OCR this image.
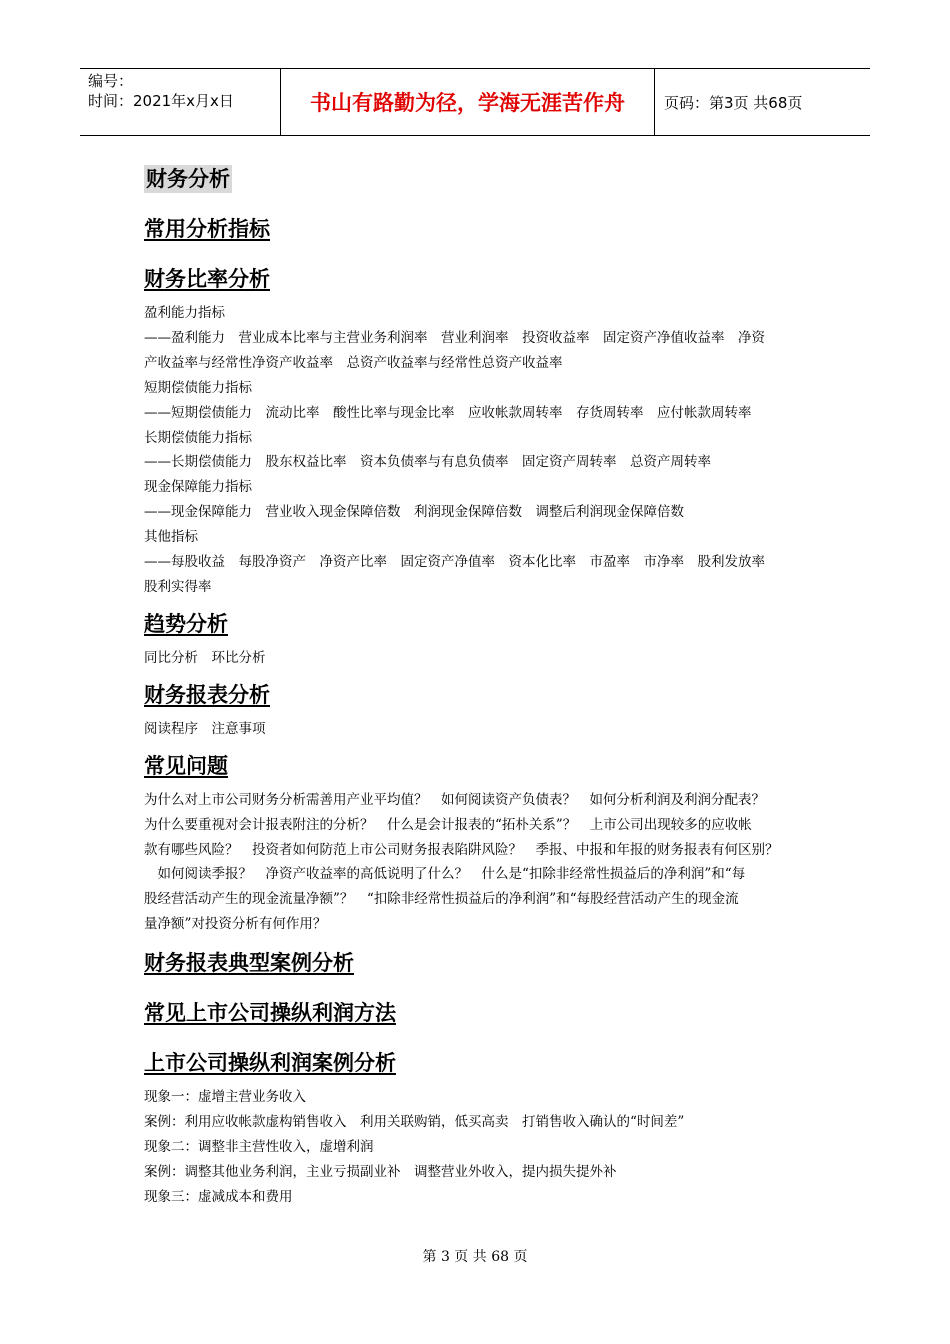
编号：
时间：2021年x月x日	书山有路勤为径，学海无涯苦作舟	页码：第3页 共68页
财务分析
常用分析指标
财务比率分析

盈利能力指标

——盈利能力　营业成本比率与主营业务利润率　营业利润率　投资收益率　固定资产净值收益率　净资

产收益率与经常性净资产收益率　总资产收益率与经常性总资产收益率

短期偿债能力指标

——短期偿债能力　流动比率　酸性比率与现金比率　应收帐款周转率　存货周转率　应付帐款周转率

长期偿债能力指标

——长期偿债能力　股东权益比率　资本负债率与有息负债率　固定资产周转率　总资产周转率

现金保障能力指标

——现金保障能力　营业收入现金保障倍数　利润现金保障倍数　调整后利润现金保障倍数

其他指标

——每股收益　每股净资产　净资产比率　固定资产净值率　资本化比率　市盈率　市净率　股利发放率

股利实得率

趋势分析

同比分析　环比分析

财务报表分析

阅读程序　注意事项

常见问题

为什么对上市公司财务分析需善用产业平均值？　如何阅读资产负债表？　如何分析利润及利润分配表？

为什么要重视对会计报表附注的分析？　什么是会计报表的“拓朴关系”？　上市公司出现较多的应收帐

款有哪些风险？　投资者如何防范上市公司财务报表陷阱风险？　季报、中报和年报的财务报表有何区别？

　如何阅读季报？　净资产收益率的高低说明了什么？　什么是“扣除非经常性损益后的净利润”和“每

股经营活动产生的现金流量净额”？　“扣除非经常性损益后的净利润”和“每股经营活动产生的现金流

量净额”对投资分析有何作用？

财务报表典型案例分析
常见上市公司操纵利润方法
上市公司操纵利润案例分析

现象一：虚增主营业务收入

案例：利用应收帐款虚构销售收入　利用关联购销，低买高卖　打销售收入确认的“时间差”

现象二：调整非主营性收入，虚增利润

案例：调整其他业务利润，主业亏损副业补　调整营业外收入，提内损失提外补

现象三：虚减成本和费用

第 3 页 共 68 页
